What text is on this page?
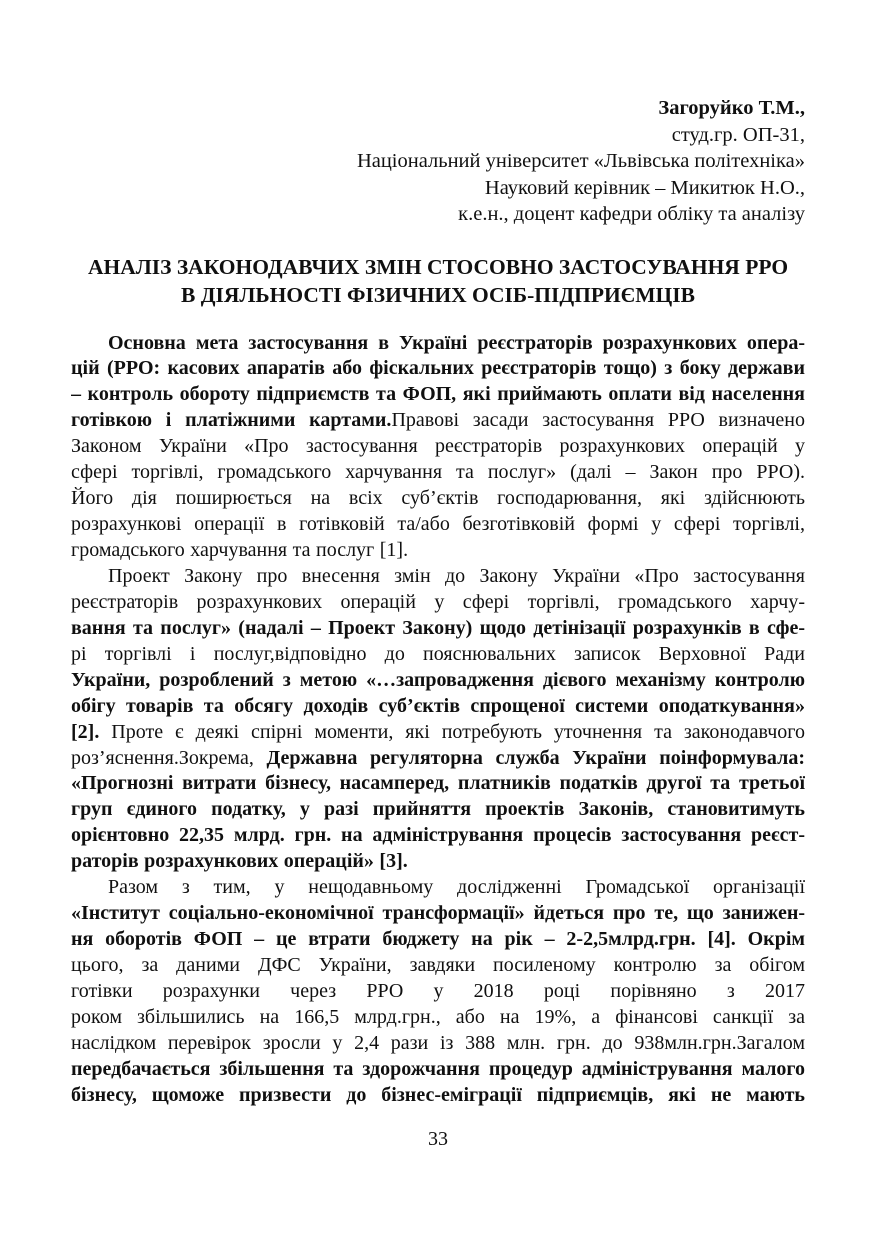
Загоруйко Т.М.,
студ.гр. ОП-31,
Національний університет «Львівська політехніка»
Науковий керівник – Микитюк Н.О.,
к.е.н., доцент кафедри обліку та аналізу
АНАЛІЗ ЗАКОНОДАВЧИХ ЗМІН СТОСОВНО ЗАСТОСУВАННЯ РРО
В ДІЯЛЬНОСТІ ФІЗИЧНИХ ОСІБ-ПІДПРИЄМЦІВ
Основна мета застосування в Україні реєстраторів розрахункових опера-
цій (РРО: касових апаратів або фіскальних реєстраторів тощо) з боку держави
– контроль обороту підприємств та ФОП, які приймають оплати від населення
готівкою і платіжними картами.Правові засади застосування РРО визначено
Законом України «Про застосування реєстраторів розрахункових операцій у
сфері торгівлі, громадського харчування та послуг» (далі – Закон про РРО).
Його дія поширюється на всіх суб’єктів господарювання, які здійснюють
розрахункові операції в готівковій та/або безготівковій формі у сфері торгівлі,
громадського харчування та послуг [1].
Проект Закону про внесення змін до Закону України «Про застосування
реєстраторів розрахункових операцій у сфері торгівлі, громадського харчу-
вання та послуг» (надалі – Проект Закону) щодо детінізації розрахунків в сфе-
рі торгівлі і послуг,відповідно до пояснювальних записок Верховної Ради
України, розроблений з метою «…запровадження дієвого механізму контролю
обігу товарів та обсягу доходів суб’єктів спрощеної системи оподаткування»
[2]. Проте є деякі спірні моменти, які потребують уточнення та законодавчого
роз’яснення.Зокрема, Державна регуляторна служба України поінформувала:
«Прогнозні витрати бізнесу, насамперед, платників податків другої та третьої
груп єдиного податку, у разі прийняття проектів Законів, становитимуть
орієнтовно 22,35 млрд. грн. на адміністрування процесів застосування реєст-
раторів розрахункових операцій» [3].
Разом з тим, у нещодавньому дослідженні Громадської організації
«Інститут соціально-економічної трансформації» йдеться про те, що занижен-
ня оборотів ФОП – це втрати бюджету на рік – 2-2,5млрд.грн. [4]. Окрім
цього, за даними ДФС України, завдяки посиленому контролю за обігом
готівки розрахунки через РРО у 2018 році порівняно з 2017
роком збільшились на 166,5 млрд.грн., або на 19%, а фінансові санкції за
наслідком перевірок зросли у 2,4 рази із 388 млн. грн. до 938млн.грн.Загалом
передбачається збільшення та здорожчання процедур адміністрування малого
бізнесу, щоможе призвести до бізнес-еміграції підприємців, які не мають
33
